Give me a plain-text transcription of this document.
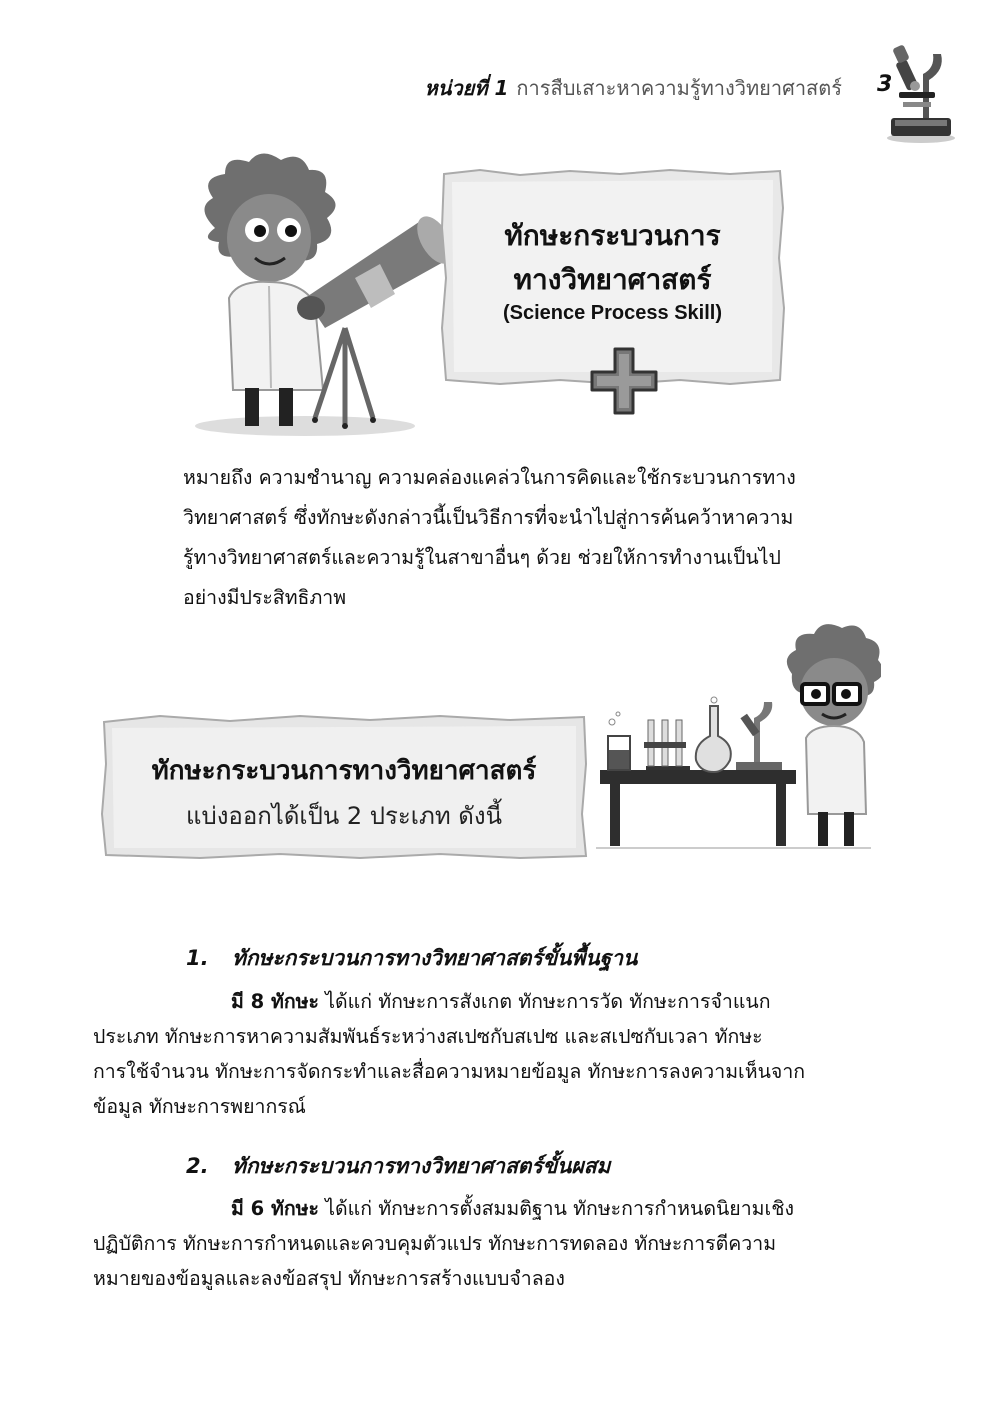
หน่วยที่ 1 การสืบเสาะหาความรู้ทางวิทยาศาสตร์ 3
ทักษะกระบวนการ
ทางวิทยาศาสตร์
(Science Process Skill)
หมายถึง ความชำนาญ ความคล่องแคล่วในการคิดและใช้กระบวนการทาง
วิทยาศาสตร์ ซึ่งทักษะดังกล่าวนี้เป็นวิธีการที่จะนำไปสู่การค้นคว้าหาความ
รู้ทางวิทยาศาสตร์และความรู้ในสาขาอื่นๆ ด้วย ช่วยให้การทำงานเป็นไป
อย่างมีประสิทธิภาพ
ทักษะกระบวนการทางวิทยาศาสตร์
แบ่งออกได้เป็น 2 ประเภท ดังนี้
1. ทักษะกระบวนการทางวิทยาศาสตร์ขั้นพื้นฐาน
มี 8 ทักษะ ได้แก่ ทักษะการสังเกต ทักษะการวัด ทักษะการจำแนก
ประเภท ทักษะการหาความสัมพันธ์ระหว่างสเปซกับสเปซ และสเปซกับเวลา ทักษะ
การใช้จำนวน ทักษะการจัดกระทำและสื่อความหมายข้อมูล ทักษะการลงความเห็นจาก
ข้อมูล ทักษะการพยากรณ์
2. ทักษะกระบวนการทางวิทยาศาสตร์ขั้นผสม
มี 6 ทักษะ ได้แก่ ทักษะการตั้งสมมติฐาน ทักษะการกำหนดนิยามเชิง
ปฏิบัติการ ทักษะการกำหนดและควบคุมตัวแปร ทักษะการทดลอง ทักษะการตีความ
หมายของข้อมูลและลงข้อสรุป ทักษะการสร้างแบบจำลอง
